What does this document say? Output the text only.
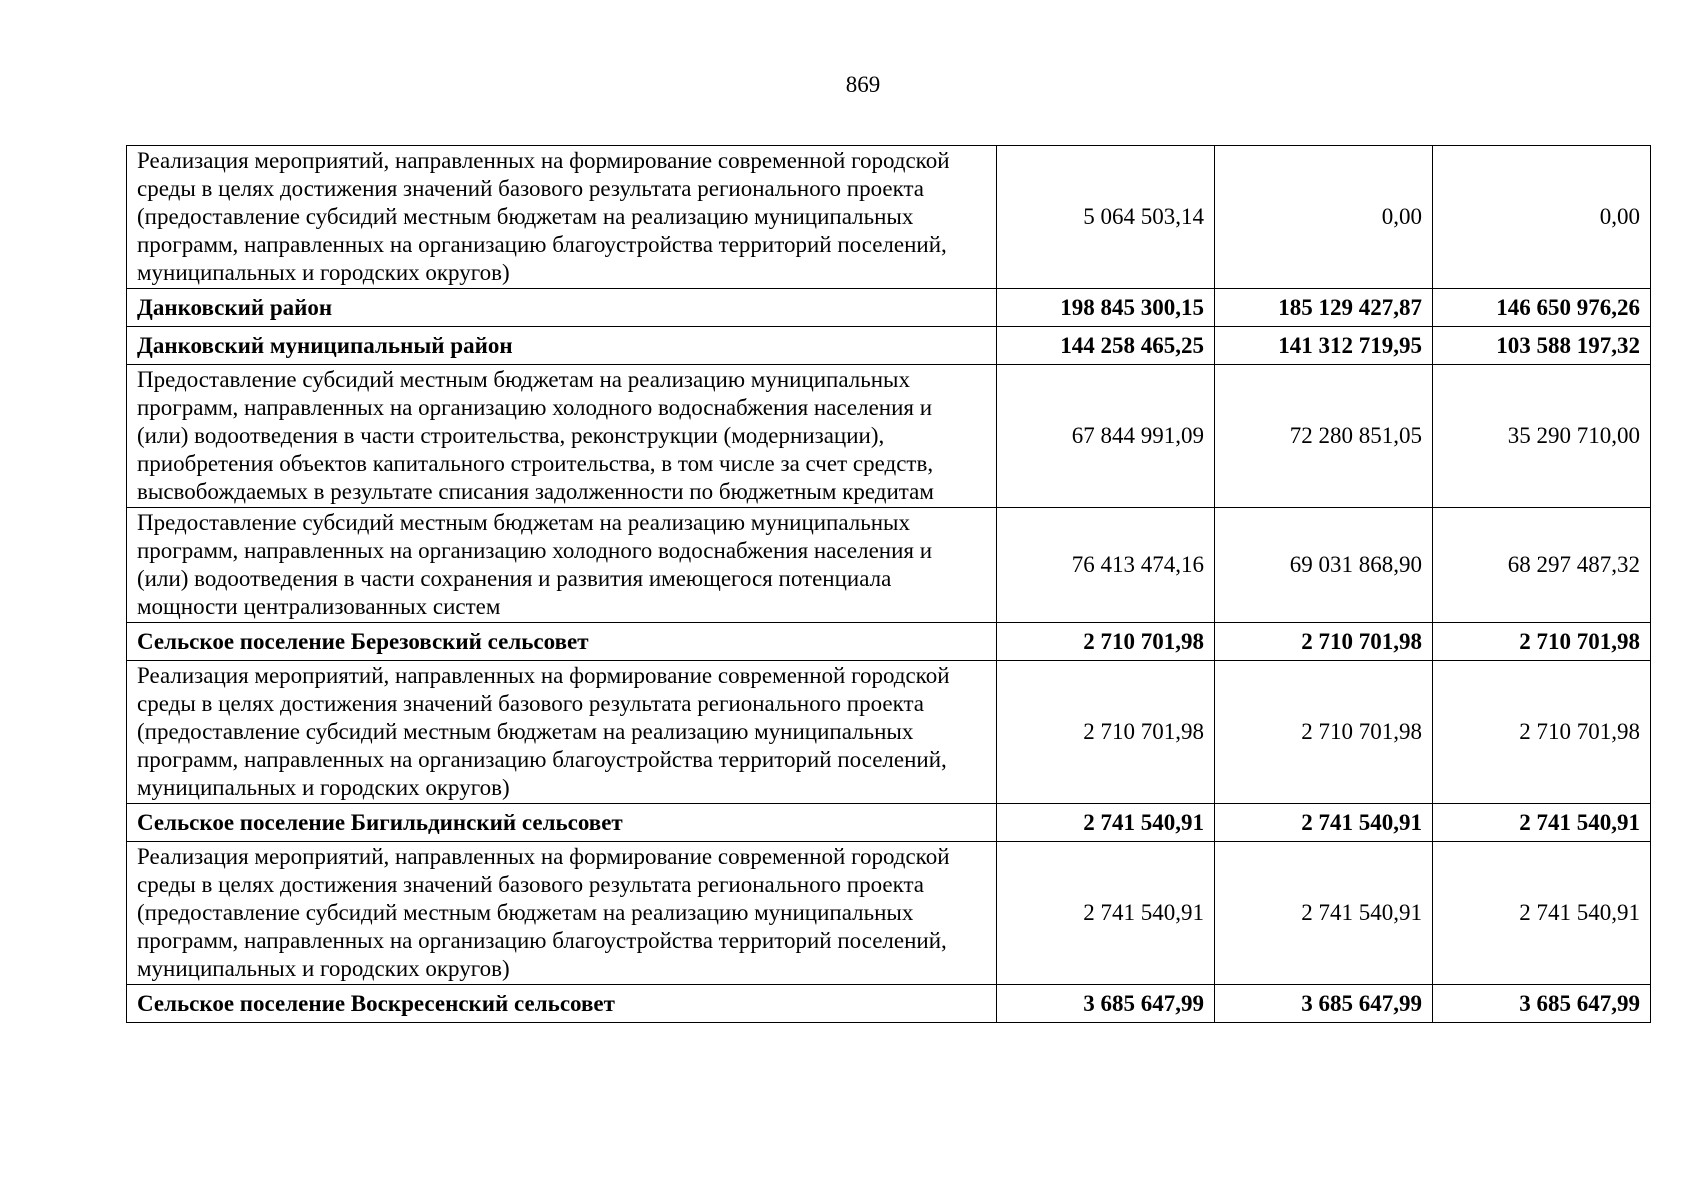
869
Реализация мероприятий, направленных на формирование современной городской среды в целях достижения значений базового результата регионального проекта (предоставление субсидий местным бюджетам на реализацию муниципальных программ, направленных на организацию благоустройства территорий поселений, муниципальных и городских округов)	5 064 503,14	0,00	0,00
Данковский район	198 845 300,15	185 129 427,87	146 650 976,26
Данковский муниципальный район	144 258 465,25	141 312 719,95	103 588 197,32
Предоставление субсидий местным бюджетам на реализацию муниципальных программ, направленных на организацию холодного водоснабжения населения и (или) водоотведения в части строительства, реконструкции (модернизации), приобретения объектов капитального строительства, в том числе за счет средств, высвобождаемых в результате списания задолженности по бюджетным кредитам	67 844 991,09	72 280 851,05	35 290 710,00
Предоставление субсидий местным бюджетам на реализацию муниципальных программ, направленных на организацию холодного водоснабжения населения и (или) водоотведения в части сохранения и развития имеющегося потенциала мощности централизованных систем	76 413 474,16	69 031 868,90	68 297 487,32
Сельское поселение Березовский сельсовет	2 710 701,98	2 710 701,98	2 710 701,98
Реализация мероприятий, направленных на формирование современной городской среды в целях достижения значений базового результата регионального проекта (предоставление субсидий местным бюджетам на реализацию муниципальных программ, направленных на организацию благоустройства территорий поселений, муниципальных и городских округов)	2 710 701,98	2 710 701,98	2 710 701,98
Сельское поселение Бигильдинский сельсовет	2 741 540,91	2 741 540,91	2 741 540,91
Реализация мероприятий, направленных на формирование современной городской среды в целях достижения значений базового результата регионального проекта (предоставление субсидий местным бюджетам на реализацию муниципальных программ, направленных на организацию благоустройства территорий поселений, муниципальных и городских округов)	2 741 540,91	2 741 540,91	2 741 540,91
Сельское поселение Воскресенский сельсовет	3 685 647,99	3 685 647,99	3 685 647,99
